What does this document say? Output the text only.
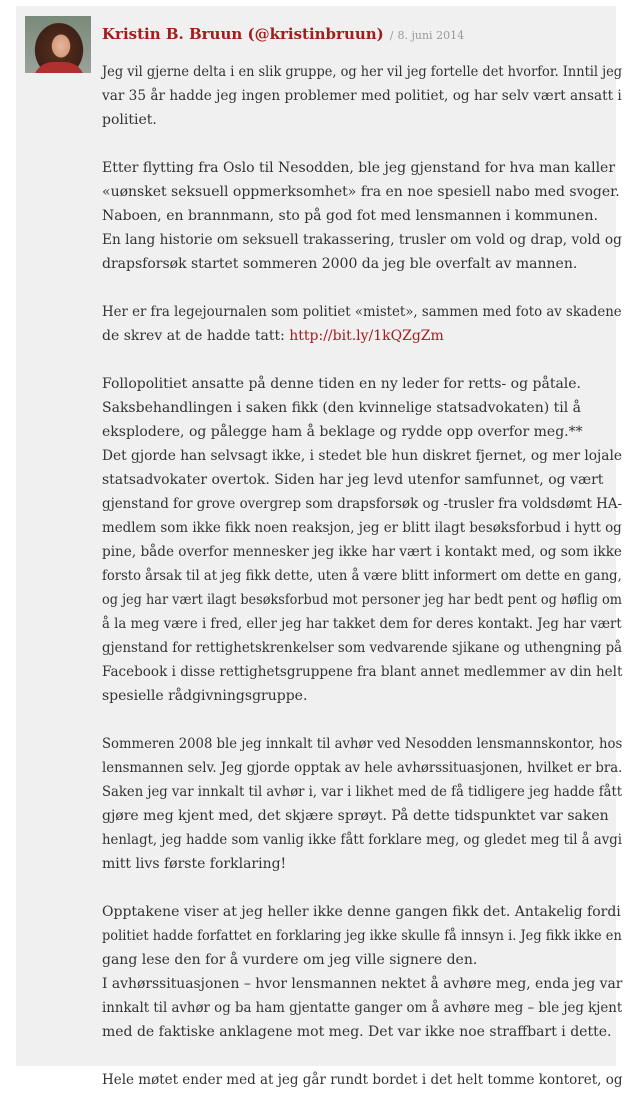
Kristin B. Bruun (@kristinbruun) / 8. juni 2014

Jeg vil gjerne delta i en slik gruppe, og her vil jeg fortelle det hvorfor. Inntil jeg
var 35 år hadde jeg ingen problemer med politiet, og har selv vært ansatt i
politiet.

Etter flytting fra Oslo til Nesodden, ble jeg gjenstand for hva man kaller
«uønsket seksuell oppmerksomhet» fra en noe spesiell nabo med svoger.
Naboen, en brannmann, sto på god fot med lensmannen i kommunen.
En lang historie om seksuell trakassering, trusler om vold og drap, vold og
drapsforsøk startet sommeren 2000 da jeg ble overfalt av mannen.

Her er fra legejournalen som politiet «mistet», sammen med foto av skadene
de skrev at de hadde tatt: http://bit.ly/1kQZgZm

Follopolitiet ansatte på denne tiden en ny leder for retts- og påtale.
Saksbehandlingen i saken fikk (den kvinnelige statsadvokaten) til å
eksplodere, og pålegge ham å beklage og rydde opp overfor meg.**
Det gjorde han selvsagt ikke, i stedet ble hun diskret fjernet, og mer lojale
statsadvokater overtok. Siden har jeg levd utenfor samfunnet, og vært
gjenstand for grove overgrep som drapsforsøk og -trusler fra voldsdømt HA-
medlem som ikke fikk noen reaksjon, jeg er blitt ilagt besøksforbud i hytt og
pine, både overfor mennesker jeg ikke har vært i kontakt med, og som ikke
forsto årsak til at jeg fikk dette, uten å være blitt informert om dette en gang,
og jeg har vært ilagt besøksforbud mot personer jeg har bedt pent og høflig om
å la meg være i fred, eller jeg har takket dem for deres kontakt. Jeg har vært
gjenstand for rettighetskrenkelser som vedvarende sjikane og uthengning på
Facebook i disse rettighetsgruppene fra blant annet medlemmer av din helt
spesielle rådgivningsgruppe.

Sommeren 2008 ble jeg innkalt til avhør ved Nesodden lensmannskontor, hos
lensmannen selv. Jeg gjorde opptak av hele avhørssituasjonen, hvilket er bra.
Saken jeg var innkalt til avhør i, var i likhet med de få tidligere jeg hadde fått
gjøre meg kjent med, det skjære sprøyt. På dette tidspunktet var saken
henlagt, jeg hadde som vanlig ikke fått forklare meg, og gledet meg til å avgi
mitt livs første forklaring!

Opptakene viser at jeg heller ikke denne gangen fikk det. Antakelig fordi
politiet hadde forfattet en forklaring jeg ikke skulle få innsyn i. Jeg fikk ikke en
gang lese den for å vurdere om jeg ville signere den.
I avhørssituasjonen – hvor lensmannen nektet å avhøre meg, enda jeg var
innkalt til avhør og ba ham gjentatte ganger om å avhøre meg – ble jeg kjent
med de faktiske anklagene mot meg. Det var ikke noe straffbart i dette.

Hele møtet ender med at jeg går rundt bordet i det helt tomme kontoret, og
